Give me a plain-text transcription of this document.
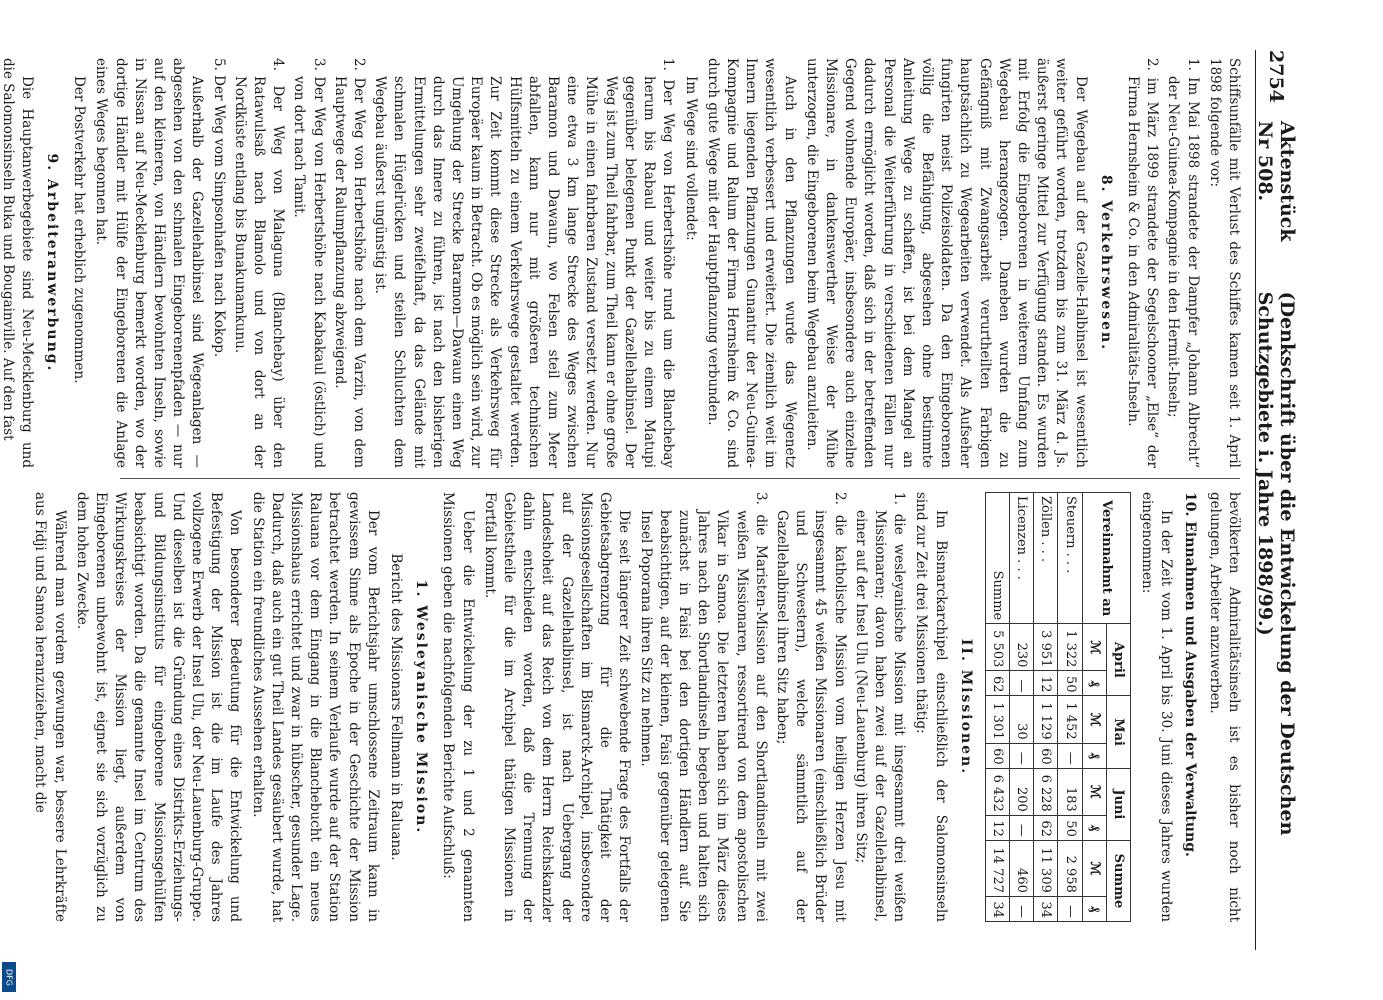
DFG
2754
Aktenstück Nr 508.
(Denkschrift über die Entwickelung der Deutschen Schutzgebiete i. Jahre 1898/99.)

Schiffsunfälle mit Verlust des Schiffes kamen seit 1. April 1898 folgende vor:

1. Im Mai 1898 strandete der Dampfer „Johann Albrecht“ der Neu-Guinea-Kompagnie in den Hermit-Inseln;

2. im März 1899 strandete der Segelschooner „Else“ der Firma Hernsheim & Co. in den Admiralitäts-Inseln.

8. Verkehrswesen.

Der Wegebau auf der Gazelle-Halbinsel ist wesentlich weiter geführt worden, trotzdem bis zum 31. März d. Js. äußerst geringe Mittel zur Verfügung standen. Es wurden mit Erfolg die Eingeborenen in weiterem Umfang zum Wegebau herangezogen. Daneben wurden die zu Gefängniß mit Zwangsarbeit verurtheilten Farbigen hauptsächlich zu Wegearbeiten verwendet. Als Aufseher fungirten meist Polizeisoldaten. Da den Eingeborenen völlig die Befähigung, abgesehen ohne bestimmte Anleitung Wege zu schaffen, ist bei dem Mangel an Personal die Weiterführung in verschiedenen Fällen nur dadurch ermöglicht worden, daß sich in der betreffenden Gegend wohnende Europäer, insbesondere auch einzelne Missionare, in dankenswerther Weise der Mühe unterzogen, die Eingeborenen beim Wegebau anzuleiten.

Auch in den Pflanzungen wurde das Wegenetz wesentlich verbessert und erweitert. Die ziemlich weit im Innern liegenden Pflanzungen Gunantur der Neu-Guinea-Kompagnie und Ralum der Firma Hernsheim & Co. sind durch gute Wege mit der Hauptpflanzung verbunden.

Im Wege sind vollendet:

1. Der Weg von Herbertshöhe rund um die Blanchebay herum bis Rabaul und weiter bis zu einem Matupi gegenüber belegenen Punkt der Gazellehalbinsel. Der Weg ist zum Theil fahrbar, zum Theil kann er ohne große Mühe in einen fahrbaren Zustand versetzt werden. Nur eine etwa 3 km lange Strecke des Weges zwischen Baramon und Dawaun, wo Felsen steil zum Meer abfallen, kann nur mit größeren technischen Hülfsmitteln zu einem Verkehrswege gestaltet werden. Zur Zeit kommt diese Strecke als Verkehrsweg für Europäer kaum in Betracht. Ob es möglich sein wird, zur Umgehung der Strecke Baramon—Dawaun einen Weg durch das Innere zu führen, ist nach den bisherigen Ermittelungen sehr zweifelhaft, da das Gelände mit schmalen Hügelrücken und steilen Schluchten dem Wegebau äußerst ungünstig ist.

2. Der Weg von Herbertshöhe nach dem Varzin, von dem Hauptwege der Ralumpflanzung abzweigend.

3. Der Weg von Herbertshöhe nach Kabakaul (östlich) und von dort nach Tamit.

4. Der Weg von Malaguna (Blanchebay) über den Ratawulsaß nach Blamolo und von dort an der Nordküste entlang bis Bunakunamkunu.

5. Der Weg vom Simpsonhafen nach Kokop.

Außerhalb der Gazellehalbinsel sind Wegeanlagen — abgesehen von den schmalen Eingeborenenpfaden — nur auf den kleineren, von Händlern bewohnten Inseln, sowie in Nissan auf Neu-Mecklenburg bemerkt worden, wo der dortige Händler mit Hülfe der Eingeborenen die Anlage eines Weges begonnen hat.

Der Postverkehr hat erheblich zugenommen.

9. Arbeiteranwerbung.

Die Hauptanwerbegebiete sind Neu-Mecklenburg und die Salomonsinseln Buka und Bougainville. Auf den fast

bevölkerten Admiralitätsinseln ist es bisher noch nicht gelungen, Arbeiter anzuwerben.

10. Einnahmen und Ausgaben der Verwaltung.

In der Zeit vom 1. April bis 30. Juni dieses Jahres wurden eingenommen:

Vereinnahmt an	April		Mai		Juni		Summe	
	ℳ	₰	ℳ	₰	ℳ	₰	ℳ	₰
Steuern . . .	1 322	50	1 452	—	183	50	2 958	—
Zöllen . . .	3 951	12	1 129	60	6 228	62	11 309	34
Licenzen . . .	230	—	30	—	200	—	460	—
Summe	5 503	62	1 301	60	6 432	12	14 727	34
II. Missionen.

Im Bismarckarchipel einschließlich der Salomonsinseln sind zur Zeit drei Missionen thätig:

1. die wesleyanische Mission mit insgesammt drei weißen Missionaren; davon haben zwei auf der Gazellehalbinsel, einer auf der Insel Ulu (Neu-Lauenburg) ihren Sitz;

2. die katholische Mission vom heiligen Herzen Jesu mit insgesammt 45 weißen Missionaren (einschließlich Brüder und Schwestern), welche sämmtlich auf der Gazellehalbinsel ihren Sitz haben;

3. die Maristen-Mission auf den Shortlandinseln mit zwei weißen Missionaren, ressortirend von dem apostolischen Vikar in Samoa. Die letzteren haben sich im März dieses Jahres nach den Shortlandinseln begeben und halten sich zunächst in Faisi bei den dortigen Händlern auf. Sie beabsichtigen, auf der kleinen, Faisi gegenüber gelegenen Insel Poporana ihren Sitz zu nehmen.

Die seit längerer Zeit schwebende Frage des Fortfalls der Gebietsabgrenzung für die Thätigkeit der Missionsgesellschaften im Bismarck-Archipel, insbesondere auf der Gazellehalbinsel, ist nach Uebergang der Landeshoheit auf das Reich von dem Herrn Reichskanzler dahin entschieden worden, daß die Trennung der Gebietstheile für die im Archipel thätigen Missionen in Fortfall kommt.

Ueber die Entwickelung der zu 1 und 2 genannten Missionen geben die nachfolgenden Berichte Aufschluß:

1. Wesleyanische Mission.
Bericht des Missionars Fellmann in Raluana.

Der vom Berichtsjahr umschlossene Zeitraum kann in gewissem Sinne als Epoche in der Geschichte der Mission betrachtet werden. In seinem Verlaufe wurde auf der Station Raluana vor dem Eingang in die Blanchebucht ein neues Missionshaus errichtet und zwar in hübscher, gesunder Lage. Dadurch, daß auch ein gut Theil Landes gesäubert wurde, hat die Station ein freundliches Aussehen erhalten.

Von besonderer Bedeutung für die Entwickelung und Befestigung der Mission ist die im Laufe des Jahres vollzogene Erwerb der Insel Ulu, der Neu-Lauenburg-Gruppe. Und dieselben ist die Gründung eines Distrikts-Erziehungs- und Bildungsinstituts für eingeborene Missionsgehülfen beabsichtigt worden. Da die genannte Insel im Centrum des Wirkungskreises der Mission liegt, außerdem von Eingeborenen unbewohnt ist, eignet sie sich vorzüglich zu dem hohen Zwecke.

Während man vordem gezwungen war, bessere Lehrkräfte aus Fidji und Samoa heranzuziehen, macht die
